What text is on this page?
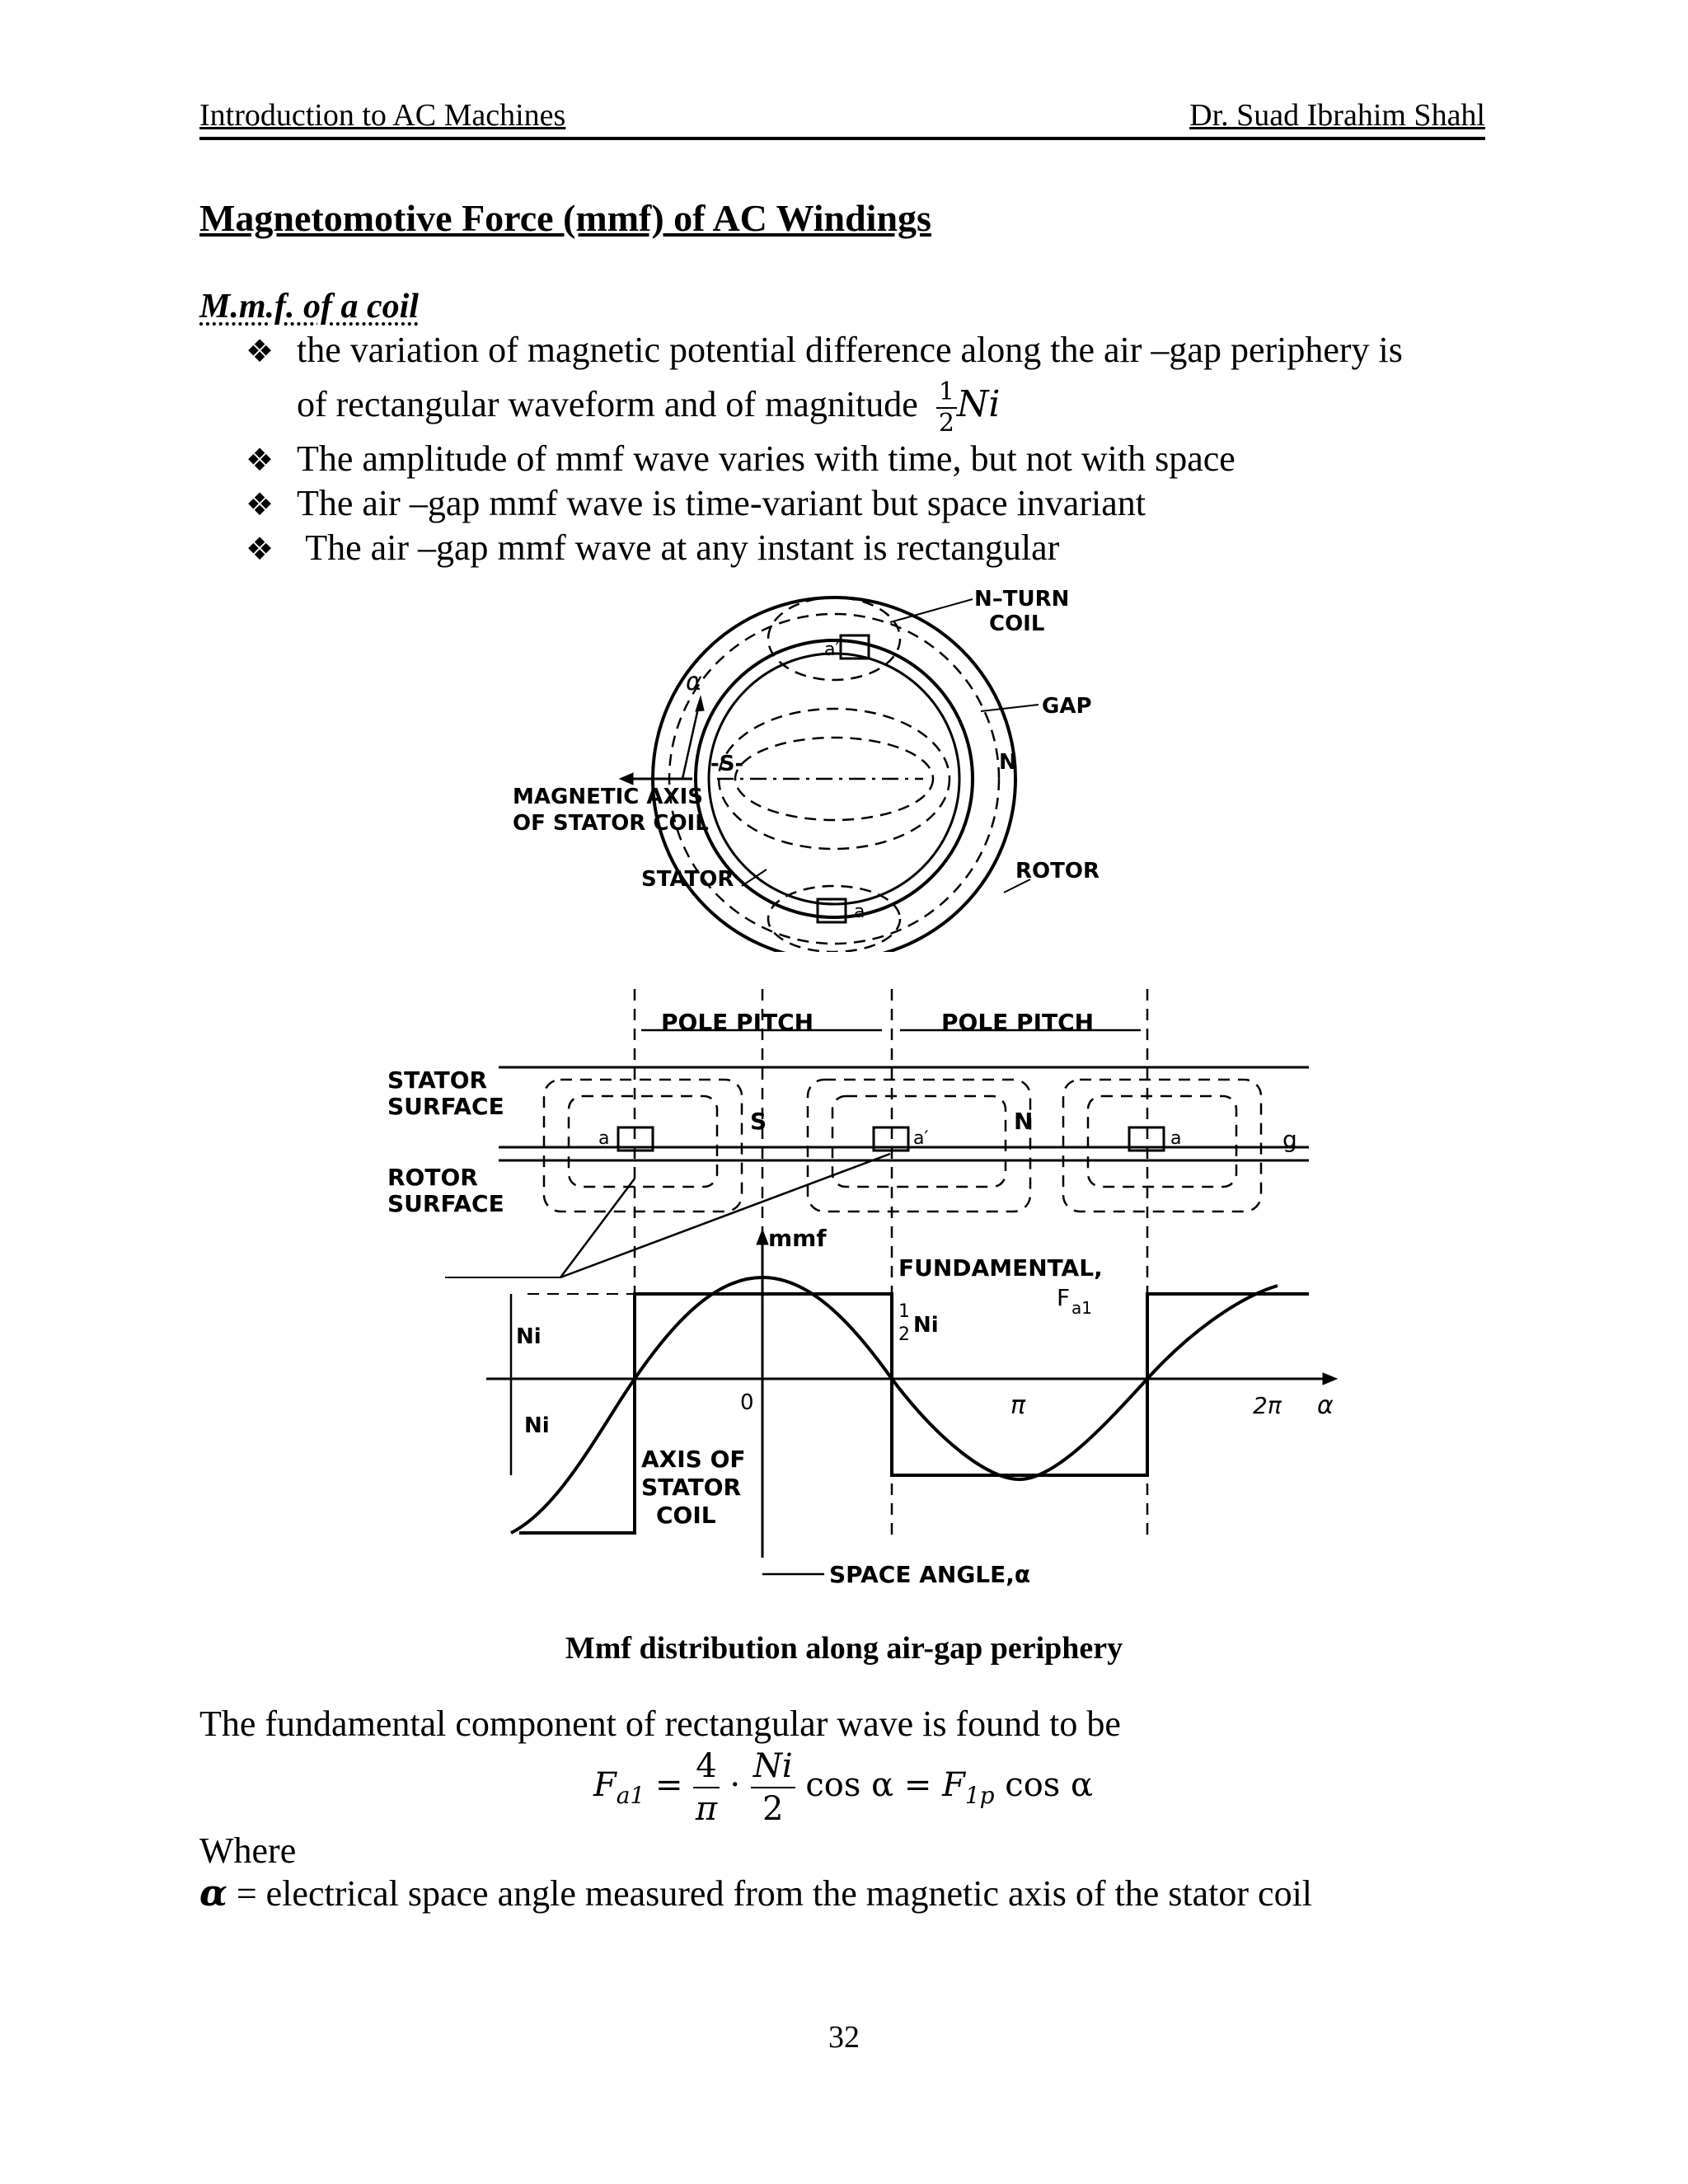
Introduction to AC Machines	Dr. Suad Ibrahim Shahl
Magnetomotive Force (mmf) of AC Windings
M.m.f. of a coil
❖ the variation of magnetic potential difference along the air –gap periphery is
of rectangular waveform and of magnitude $\frac{1}{2}$ Ni
❖ The amplitude of mmf wave varies with time, but not with space
❖ The air –gap mmf wave is time-variant but space invariant
❖ The air –gap mmf wave at any instant is rectangular
N–TURN
COIL
GAP
N
-S-
α
MAGNETIC AXIS
OF STATOR COIL
STATOR	ROTOR
a′
a
POLE PITCH	POLE PITCH
STATOR
SURFACE
ROTOR
SURFACE
S	N
g
a	a′	a
mmf
FUNDAMENTAL,
F a1
1
2 Ni
Ni
Ni
0	π	2π α
AXIS OF
STATOR
COIL
SPACE ANGLE,α
Mmf distribution along air-gap periphery
The fundamental component of rectangular wave is found to be
$F_{a1} = \frac{4}{\pi} \cdot \frac{Ni}{2}$ $\cos \alpha = F_{1p}$ cos α
Where
α = electrical space angle measured from the magnetic axis of the stator coil
32
